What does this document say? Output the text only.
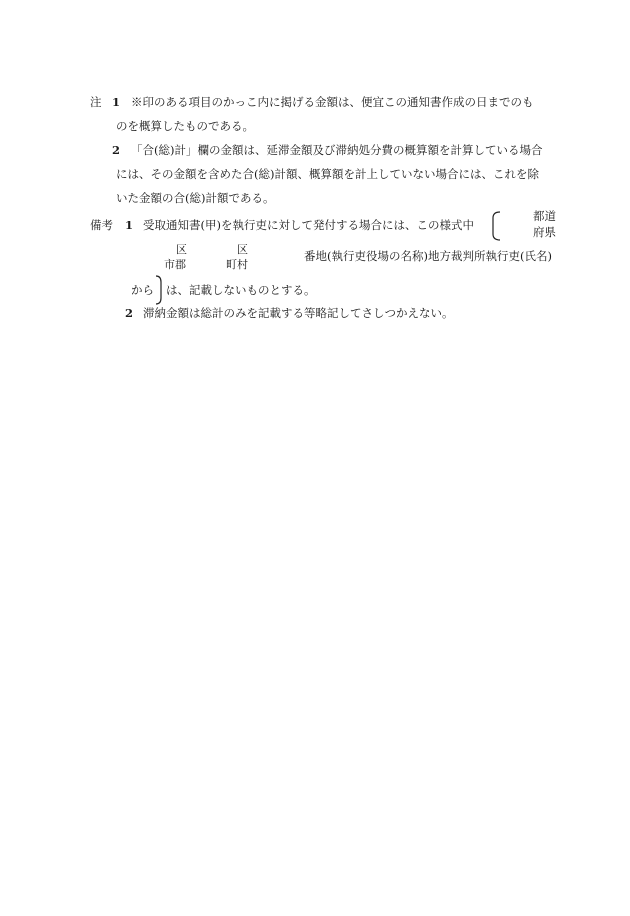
注 1 ※印のある項目のかっこ内に掲げる金額は、便宜この通知書作成の日までのも
のを概算したものである。
2 「合(総)計」欄の金額は、延滞金額及び滞納処分費の概算額を計算している場合
には、その金額を含めた合(総)計額、概算額を計上していない場合には、これを除
いた金額の合(総)計額である。
備考 1 受取通知書(甲)を執行吏に対して発付する場合には、この様式中
都道
府県
区
市郡
区
町村
番地(執行吏役場の名称)地方裁判所執行吏(氏名)
から は、記載しないものとする。
2 滞納金額は総計のみを記載する等略記してさしつかえない。
